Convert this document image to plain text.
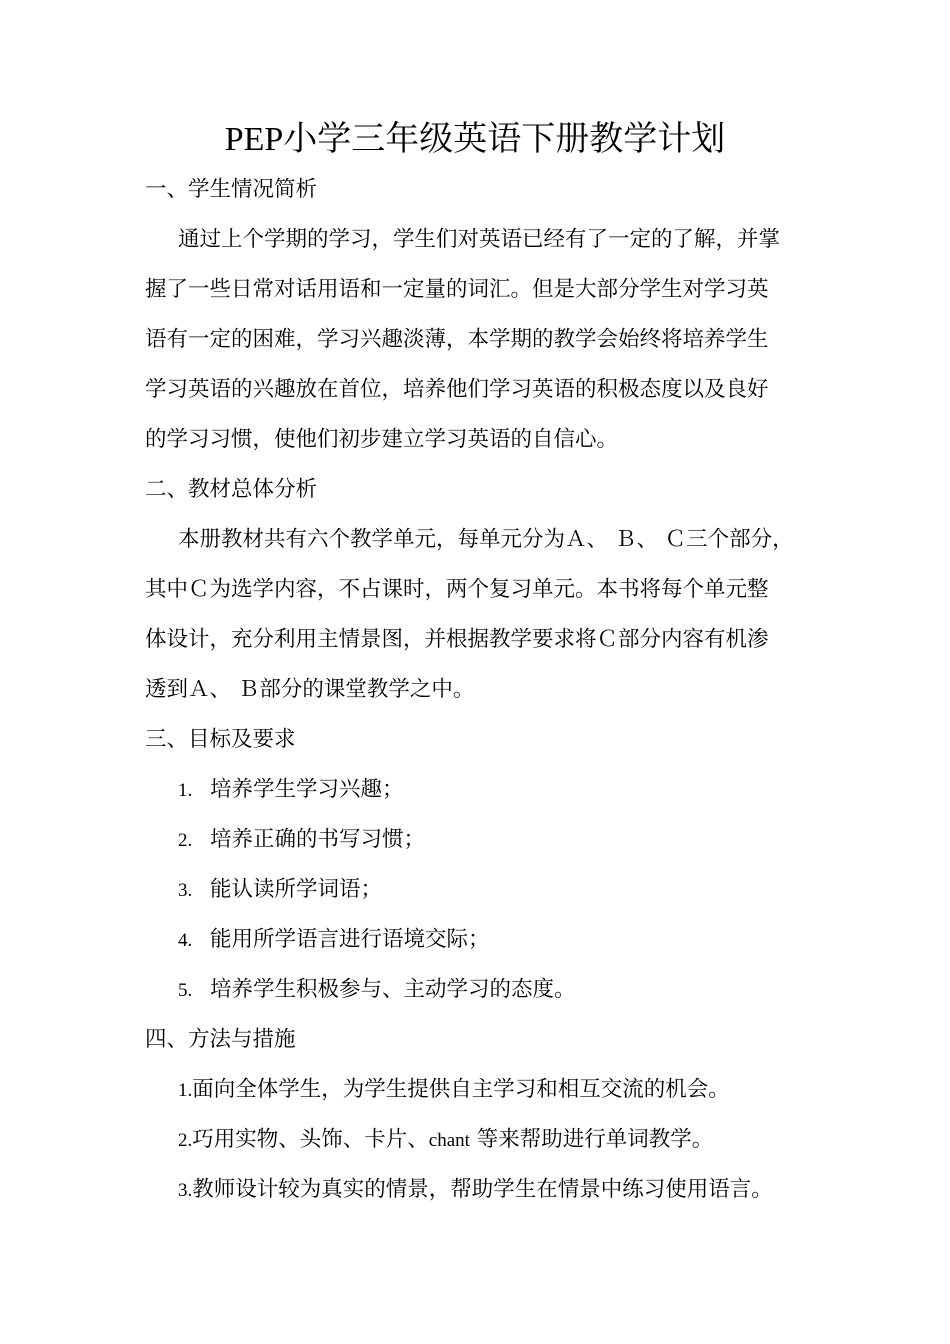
PEP小学三年级英语下册教学计划
一、学生情况简析
通过上个学期的学习，学生们对英语已经有了一定的了解，并掌
握了一些日常对话用语和一定量的词汇。但是大部分学生对学习英
语有一定的困难，学习兴趣淡薄，本学期的教学会始终将培养学生
学习英语的兴趣放在首位，培养他们学习英语的积极态度以及良好
的学习习惯，使他们初步建立学习英语的自信心。
二、教材总体分析
本册教材共有六个教学单元，每单元分为Ａ、 Ｂ、 Ｃ三个部分，
其中Ｃ为选学内容，不占课时，两个复习单元。本书将每个单元整
体设计，充分利用主情景图，并根据教学要求将Ｃ部分内容有机渗
透到Ａ、 Ｂ部分的课堂教学之中。
三、目标及要求
1. 培养学生学习兴趣；
2. 培养正确的书写习惯；
3. 能认读所学词语；
4. 能用所学语言进行语境交际；
5. 培养学生积极参与、主动学习的态度。
四、方法与措施
1.面向全体学生，为学生提供自主学习和相互交流的机会。
2.巧用实物、头饰、卡片、chant 等来帮助进行单词教学。
3.教师设计较为真实的情景，帮助学生在情景中练习使用语言。
